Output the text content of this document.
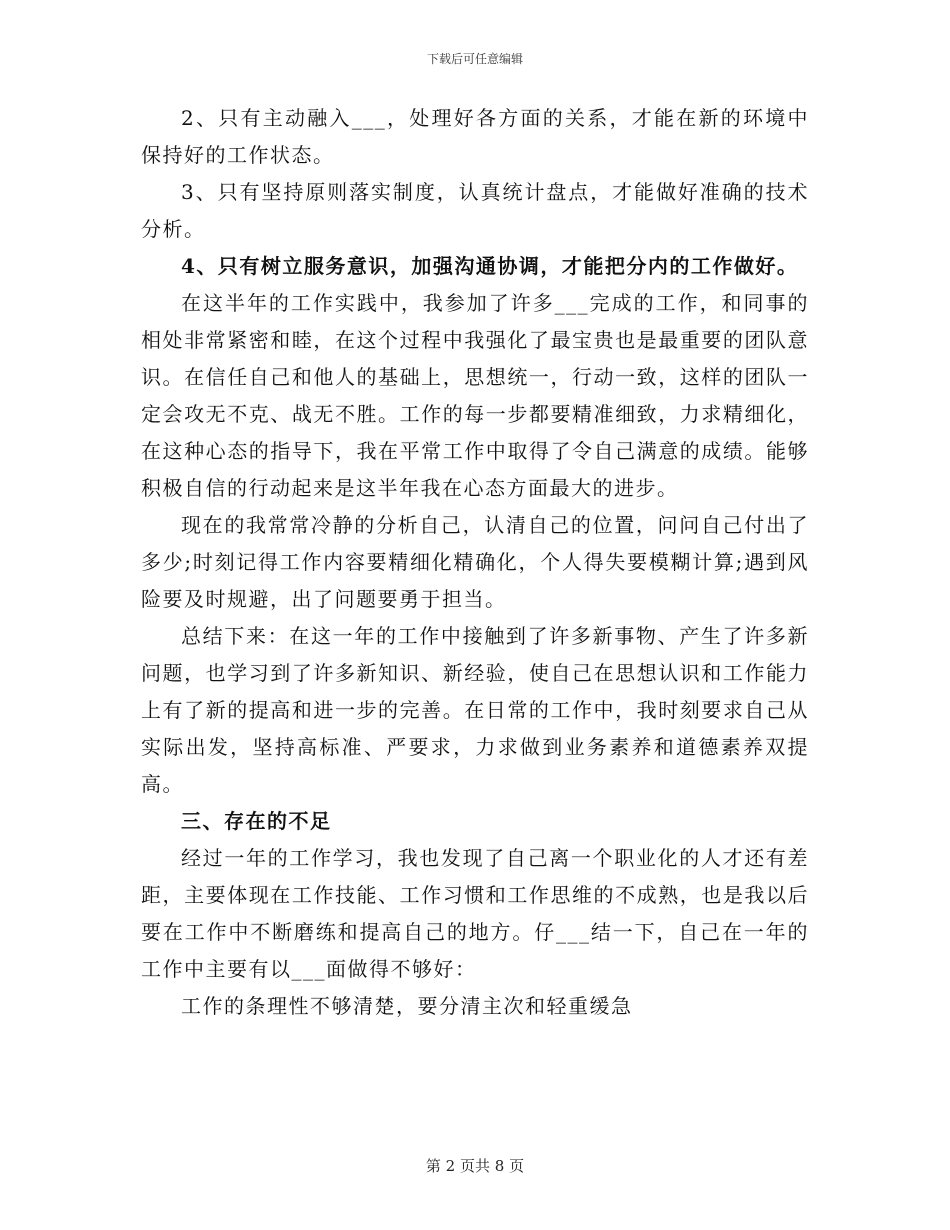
下载后可任意编辑

2、只有主动融入___，处理好各方面的关系，才能在新的环境中保持好的工作状态。

3、只有坚持原则落实制度，认真统计盘点，才能做好准确的技术分析。

4、只有树立服务意识，加强沟通协调，才能把分内的工作做好。

在这半年的工作实践中，我参加了许多___完成的工作，和同事的相处非常紧密和睦，在这个过程中我强化了最宝贵也是最重要的团队意识。在信任自己和他人的基础上，思想统一，行动一致，这样的团队一定会攻无不克、战无不胜。工作的每一步都要精准细致，力求精细化，在这种心态的指导下，我在平常工作中取得了令自己满意的成绩。能够积极自信的行动起来是这半年我在心态方面最大的进步。

现在的我常常冷静的分析自己，认清自己的位置，问问自己付出了多少;时刻记得工作内容要精细化精确化，个人得失要模糊计算;遇到风险要及时规避，出了问题要勇于担当。

总结下来：在这一年的工作中接触到了许多新事物、产生了许多新问题，也学习到了许多新知识、新经验，使自己在思想认识和工作能力上有了新的提高和进一步的完善。在日常的工作中，我时刻要求自己从实际出发，坚持高标准、严要求，力求做到业务素养和道德素养双提高。

三、存在的不足

经过一年的工作学习，我也发现了自己离一个职业化的人才还有差距，主要体现在工作技能、工作习惯和工作思维的不成熟，也是我以后要在工作中不断磨练和提高自己的地方。仔___结一下，自己在一年的工作中主要有以___面做得不够好：

工作的条理性不够清楚，要分清主次和轻重缓急

第 2 页共 8 页
